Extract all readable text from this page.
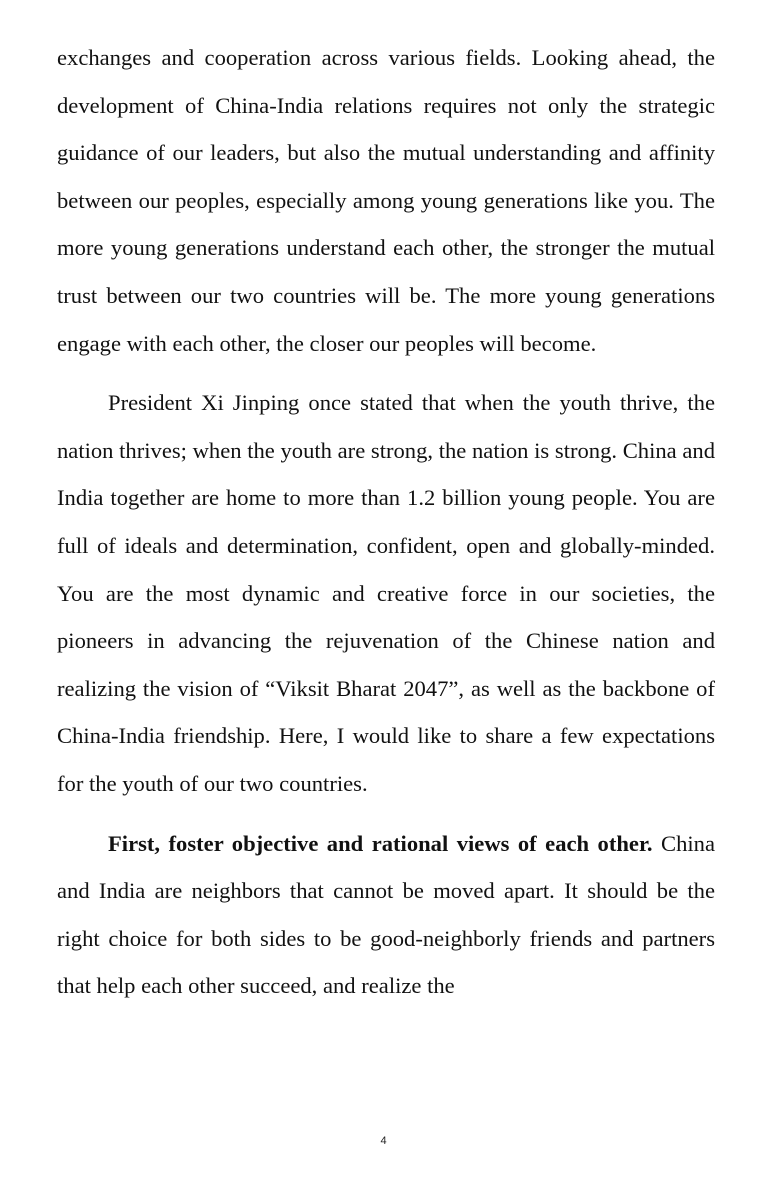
exchanges and cooperation across various fields. Looking ahead, the development of China-India relations requires not only the strategic guidance of our leaders, but also the mutual understanding and affinity between our peoples, especially among young generations like you. The more young generations understand each other, the stronger the mutual trust between our two countries will be. The more young generations engage with each other, the closer our peoples will become.

President Xi Jinping once stated that when the youth thrive, the nation thrives; when the youth are strong, the nation is strong. China and India together are home to more than 1.2 billion young people. You are full of ideals and determination, confident, open and globally-minded. You are the most dynamic and creative force in our societies, the pioneers in advancing the rejuvenation of the Chinese nation and realizing the vision of “Viksit Bharat 2047”, as well as the backbone of China-India friendship. Here, I would like to share a few expectations for the youth of our two countries.

First, foster objective and rational views of each other. China and India are neighbors that cannot be moved apart. It should be the right choice for both sides to be good-neighborly friends and partners that help each other succeed, and realize the

4
